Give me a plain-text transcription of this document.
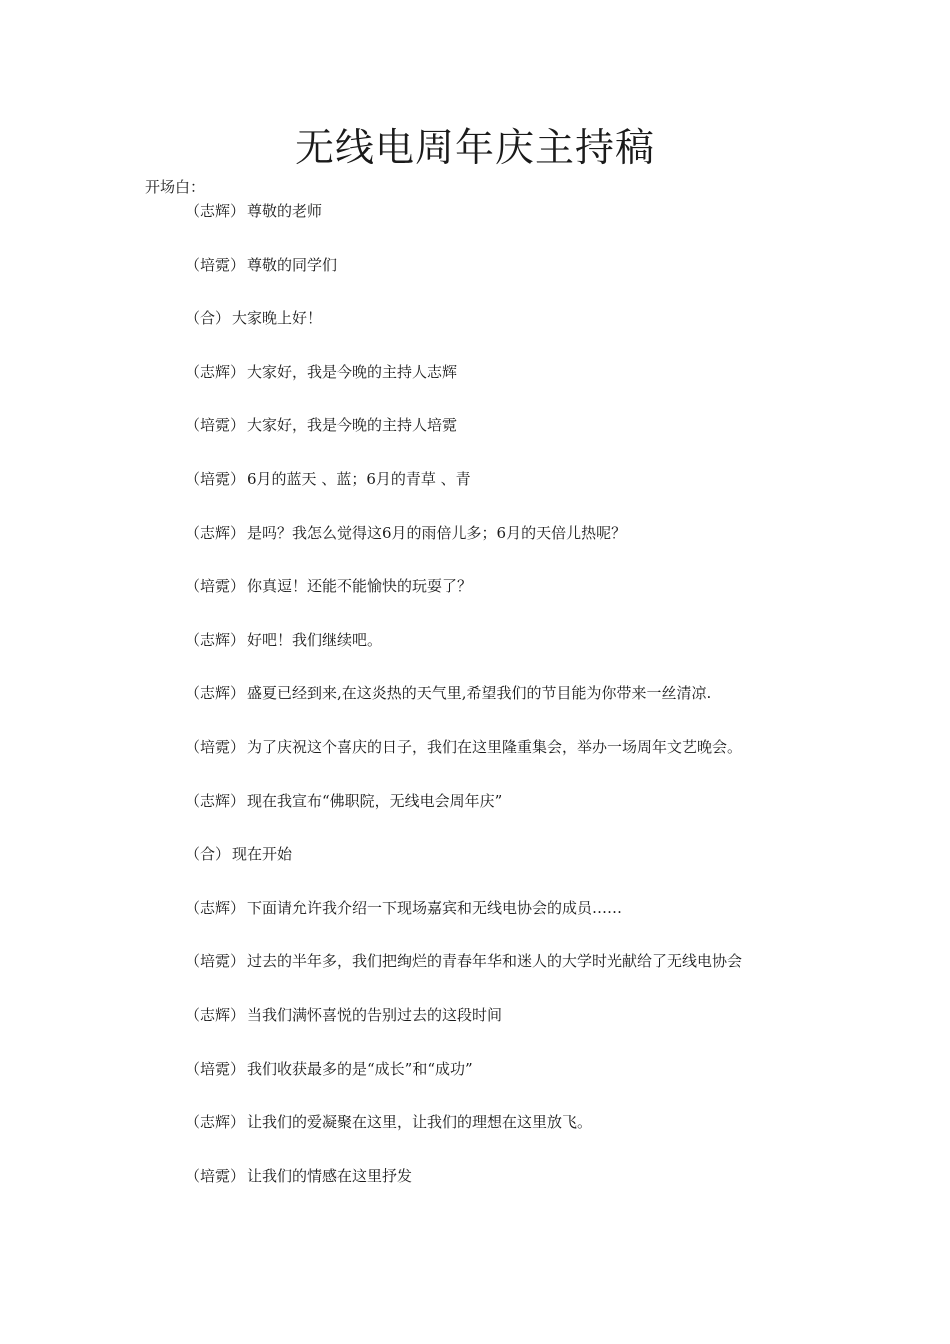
无线电周年庆主持稿

开场白：

（志辉） 尊敬的老师
（培霓） 尊敬的同学们
（合） 大家晚上好！
（志辉） 大家好，我是今晚的主持人志辉
（培霓） 大家好，我是今晚的主持人培霓
（培霓） 6月的蓝天 、蓝；6月的青草 、青
（志辉） 是吗？我怎么觉得这6月的雨倍儿多；6月的天倍儿热呢？
（培霓） 你真逗！还能不能愉快的玩耍了？
（志辉） 好吧！我们继续吧。
（志辉） 盛夏已经到来,在这炎热的天气里,希望我们的节目能为你带来一丝清凉.
（培霓） 为了庆祝这个喜庆的日子，我们在这里隆重集会，举办一场周年文艺晚会。
（志辉） 现在我宣布“佛职院，无线电会周年庆”
（合） 现在开始
（志辉） 下面请允许我介绍一下现场嘉宾和无线电协会的成员……
（培霓） 过去的半年多，我们把绚烂的青春年华和迷人的大学时光献给了无线电协会
（志辉） 当我们满怀喜悦的告别过去的这段时间
（培霓） 我们收获最多的是“成长”和“成功”
（志辉） 让我们的爱凝聚在这里，让我们的理想在这里放飞。
（培霓） 让我们的情感在这里抒发
